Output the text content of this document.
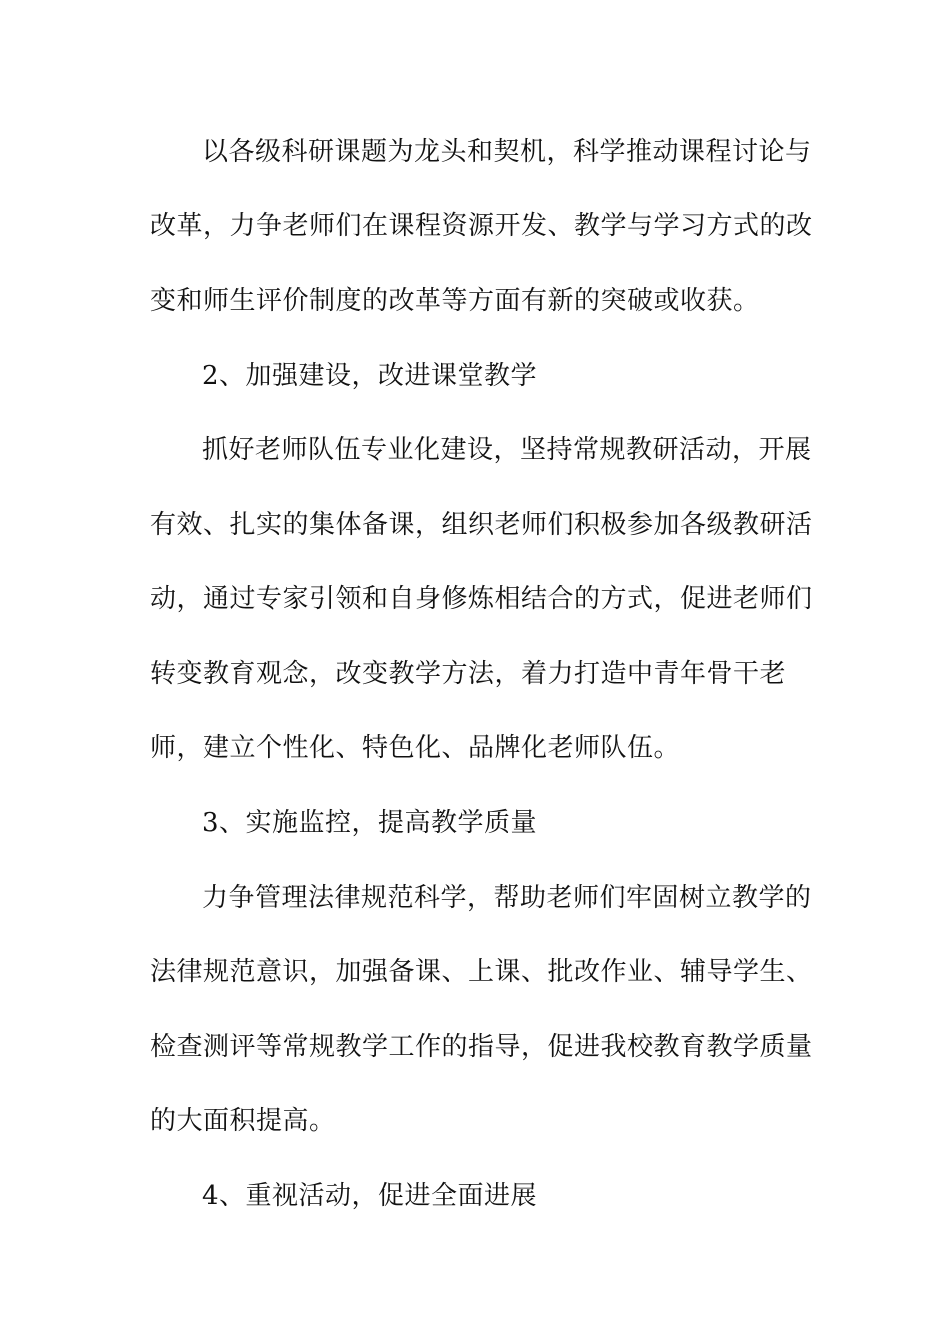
以各级科研课题为龙头和契机，科学推动课程讨论与
改革，力争老师们在课程资源开发、教学与学习方式的改
变和师生评价制度的改革等方面有新的突破或收获。
2、加强建设，改进课堂教学
抓好老师队伍专业化建设，坚持常规教研活动，开展
有效、扎实的集体备课，组织老师们积极参加各级教研活
动，通过专家引领和自身修炼相结合的方式，促进老师们
转变教育观念，改变教学方法，着力打造中青年骨干老
师，建立个性化、特色化、品牌化老师队伍。
3、实施监控，提高教学质量
力争管理法律规范科学，帮助老师们牢固树立教学的
法律规范意识，加强备课、上课、批改作业、辅导学生、
检查测评等常规教学工作的指导，促进我校教育教学质量
的大面积提高。
4、重视活动，促进全面进展
